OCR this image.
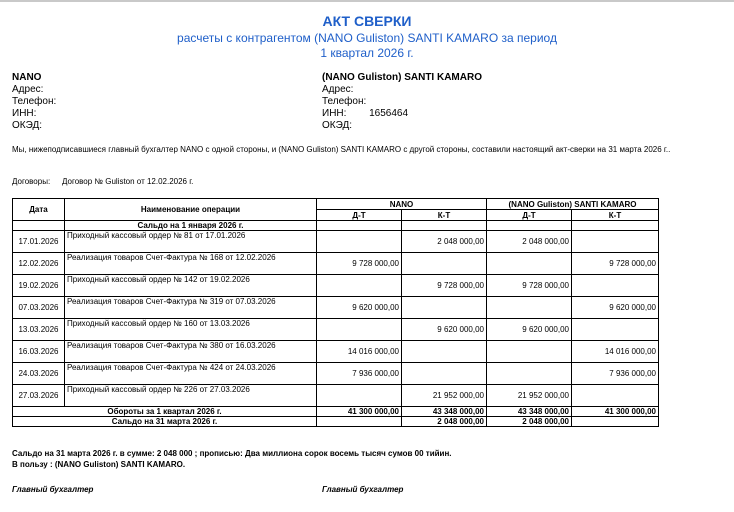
АКТ СВЕРКИ
расчеты с контрагентом (NANO Guliston) SANTI KAMARO за период
1 квартал 2026 г.
NANO
Адрес:
Телефон:
ИНН:
ОКЭД:
(NANO Guliston) SANTI KAMARO
Адрес:
Телефон:
ИНН: 1656464
ОКЭД:
Мы, нижеподписавшиеся главный бухгалтер NANO с одной стороны, и (NANO Guliston) SANTI KAMARO с другой стороны, составили настоящий акт-сверки на 31 марта 2026 г..
Договоры: Договор № Guliston от 12.02.2026 г.
Дата	Наименование операции	NANO		(NANO Guliston) SANTI KAMARO	
		Д-Т	К-Т	Д-Т	К-Т
	Сальдо на 1 января 2026 г.				
17.01.2026	Приходный кассовый ордер № 81 от 17.01.2026		2 048 000,00	2 048 000,00	
12.02.2026	Реализация товаров Счет-Фактура № 168 от 12.02.2026	9 728 000,00			9 728 000,00
19.02.2026	Приходный кассовый ордер № 142 от 19.02.2026		9 728 000,00	9 728 000,00	
07.03.2026	Реализация товаров Счет-Фактура № 319 от 07.03.2026	9 620 000,00			9 620 000,00
13.03.2026	Приходный кассовый ордер № 160 от 13.03.2026		9 620 000,00	9 620 000,00	
16.03.2026	Реализация товаров Счет-Фактура № 380 от 16.03.2026	14 016 000,00			14 016 000,00
24.03.2026	Реализация товаров Счет-Фактура № 424 от 24.03.2026	7 936 000,00			7 936 000,00
27.03.2026	Приходный кассовый ордер № 226 от 27.03.2026		21 952 000,00	21 952 000,00	
Обороты за 1 квартал 2026 г.		41 300 000,00	43 348 000,00	43 348 000,00	41 300 000,00
Сальдо на 31 марта 2026 г.			2 048 000,00	2 048 000,00	
Сальдо на 31 марта 2026 г. в сумме: 2 048 000 ; прописью: Два миллиона сорок восемь тысяч сумов 00 тийин.
В пользу : (NANO Guliston) SANTI KAMARO.
Главный бухгалтер	Главный бухгалтер
